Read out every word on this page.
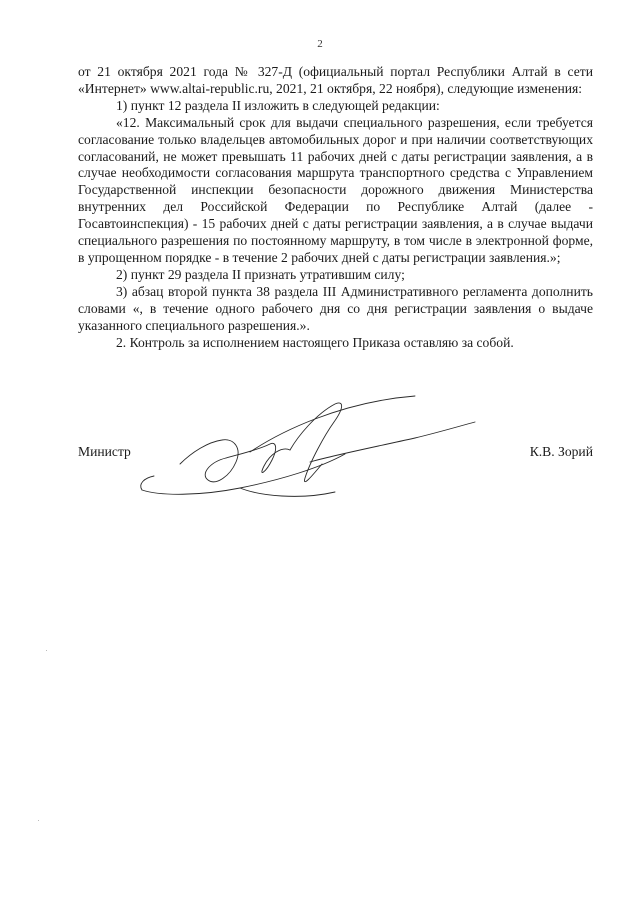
2

от 21 октября 2021 года № 327-Д (официальный портал Республики Алтай в сети «Интернет» www.altai-republic.ru, 2021, 21 октября, 22 ноября), следующие изменения:

1) пункт 12 раздела II изложить в следующей редакции:

«12. Максимальный срок для выдачи специального разрешения, если требуется согласование только владельцев автомобильных дорог и при наличии соответствующих согласований, не может превышать 11 рабочих дней с даты регистрации заявления, а в случае необходимости согласования маршрута транспортного средства с Управлением Государственной инспекции безопасности дорожного движения Министерства внутренних дел Российской Федерации по Республике Алтай (далее - Госавтоинспекция) - 15 рабочих дней с даты регистрации заявления, а в случае выдачи специального разрешения по постоянному маршруту, в том числе в электронной форме, в упрощенном порядке - в течение 2 рабочих дней с даты регистрации заявления.»;

2) пункт 29 раздела II признать утратившим силу;

3) абзац второй пункта 38 раздела III Административного регламента дополнить словами «, в течение одного рабочего дня со дня регистрации заявления о выдаче указанного специального разрешения.».

2. Контроль за исполнением настоящего Приказа оставляю за собой.

Министр	К.В. Зорий
